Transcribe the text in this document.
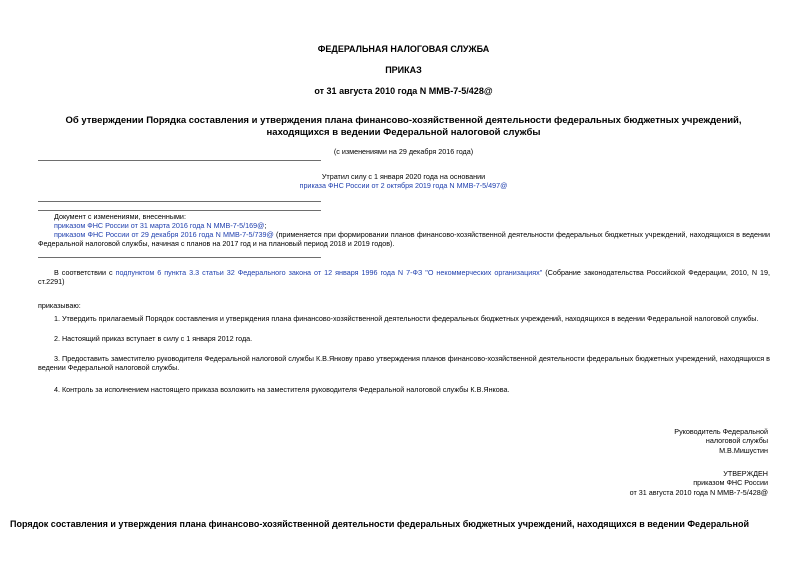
ФЕДЕРАЛЬНАЯ НАЛОГОВАЯ СЛУЖБА
ПРИКАЗ
от 31 августа 2010 года N ММВ-7-5/428@
Об утверждении Порядка составления и утверждения плана финансово-хозяйственной деятельности федеральных бюджетных учреждений, находящихся в ведении Федеральной налоговой службы
(с изменениями на 29 декабря 2016 года)
Утратил силу с 1 января 2020 года на основании
приказа ФНС России от 2 октября 2019 года N ММВ-7-5/497@
Документ с изменениями, внесенными:
приказом ФНС России от 31 марта 2016 года N ММВ-7-5/169@;
приказом ФНС России от 29 декабря 2016 года N ММВ-7-5/739@ (применяется при формировании планов финансово-хозяйственной деятельности федеральных бюджетных учреждений, находящихся в ведении Федеральной налоговой службы, начиная с планов на 2017 год и на плановый период 2018 и 2019 годов).
В соответствии с подпунктом 6 пункта 3.3 статьи 32 Федерального закона от 12 января 1996 года N 7-ФЗ "О некоммерческих организациях" (Собрание законодательства Российской Федерации, 2010, N 19, ст.2291)
приказываю:
1. Утвердить прилагаемый Порядок составления и утверждения плана финансово-хозяйственной деятельности федеральных бюджетных учреждений, находящихся в ведении Федеральной налоговой службы.
2. Настоящий приказ вступает в силу с 1 января 2012 года.
3. Предоставить заместителю руководителя Федеральной налоговой службы К.В.Янкову право утверждения планов финансово-хозяйственной деятельности федеральных бюджетных учреждений, находящихся в ведении Федеральной налоговой службы.
4. Контроль за исполнением настоящего приказа возложить на заместителя руководителя Федеральной налоговой службы К.В.Янкова.
Руководитель Федеральной
налоговой службы
М.В.Мишустин
УТВЕРЖДЕН
приказом ФНС России
от 31 августа 2010 года N ММВ-7-5/428@
Порядок составления и утверждения плана финансово-хозяйственной деятельности федеральных бюджетных учреждений, находящихся в ведении Федеральной
